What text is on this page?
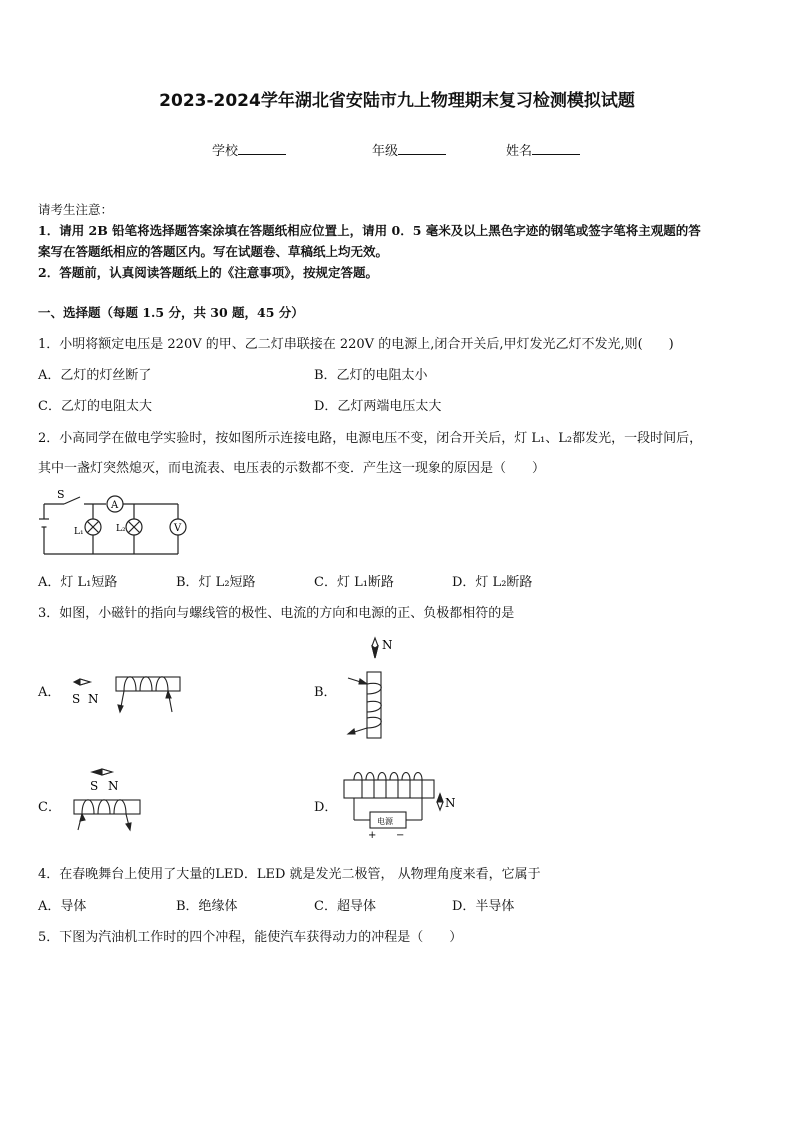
2023-2024学年湖北省安陆市九上物理期末复习检测模拟试题
学校	年级	姓名
请考生注意：
1．请用 2B 铅笔将选择题答案涂填在答题纸相应位置上，请用 0．5 毫米及以上黑色字迹的钢笔或签字笔将主观题的答
案写在答题纸相应的答题区内。写在试题卷、草稿纸上均无效。
2．答题前，认真阅读答题纸上的《注意事项》，按规定答题。
一、选择题（每题 1.5 分，共 30 题，45 分）
1．小明将额定电压是 220V 的甲、乙二灯串联接在 220V 的电源上,闭合开关后,甲灯发光乙灯不发光,则(　　)
A．乙灯的灯丝断了	B．乙灯的电阻太小
C．乙灯的电阻太大	D．乙灯两端电压太大
2．小高同学在做电学实验时，按如图所示连接电路，电源电压不变，闭合开关后，灯 L₁、L₂都发光，一段时间后，
其中一盏灯突然熄灭，而电流表、电压表的示数都不变．产生这一现象的原因是（　　）
S
A
V
L₁	L₂
A．灯 L₁短路	B．灯 L₂短路	C．灯 L₁断路	D．灯 L₂断路
3．如图，小磁针的指向与螺线管的极性、电流的方向和电源的正、负极都相符的是
A． S N	B．
N
C．
S N
D．
电源
+ −
N
4．在春晚舞台上使用了大量的LED．LED 就是发光二极管， 从物理角度来看，它属于
A．导体	B．绝缘体	C．超导体	D．半导体
5．下图为汽油机工作时的四个冲程，能使汽车获得动力的冲程是（　　）
